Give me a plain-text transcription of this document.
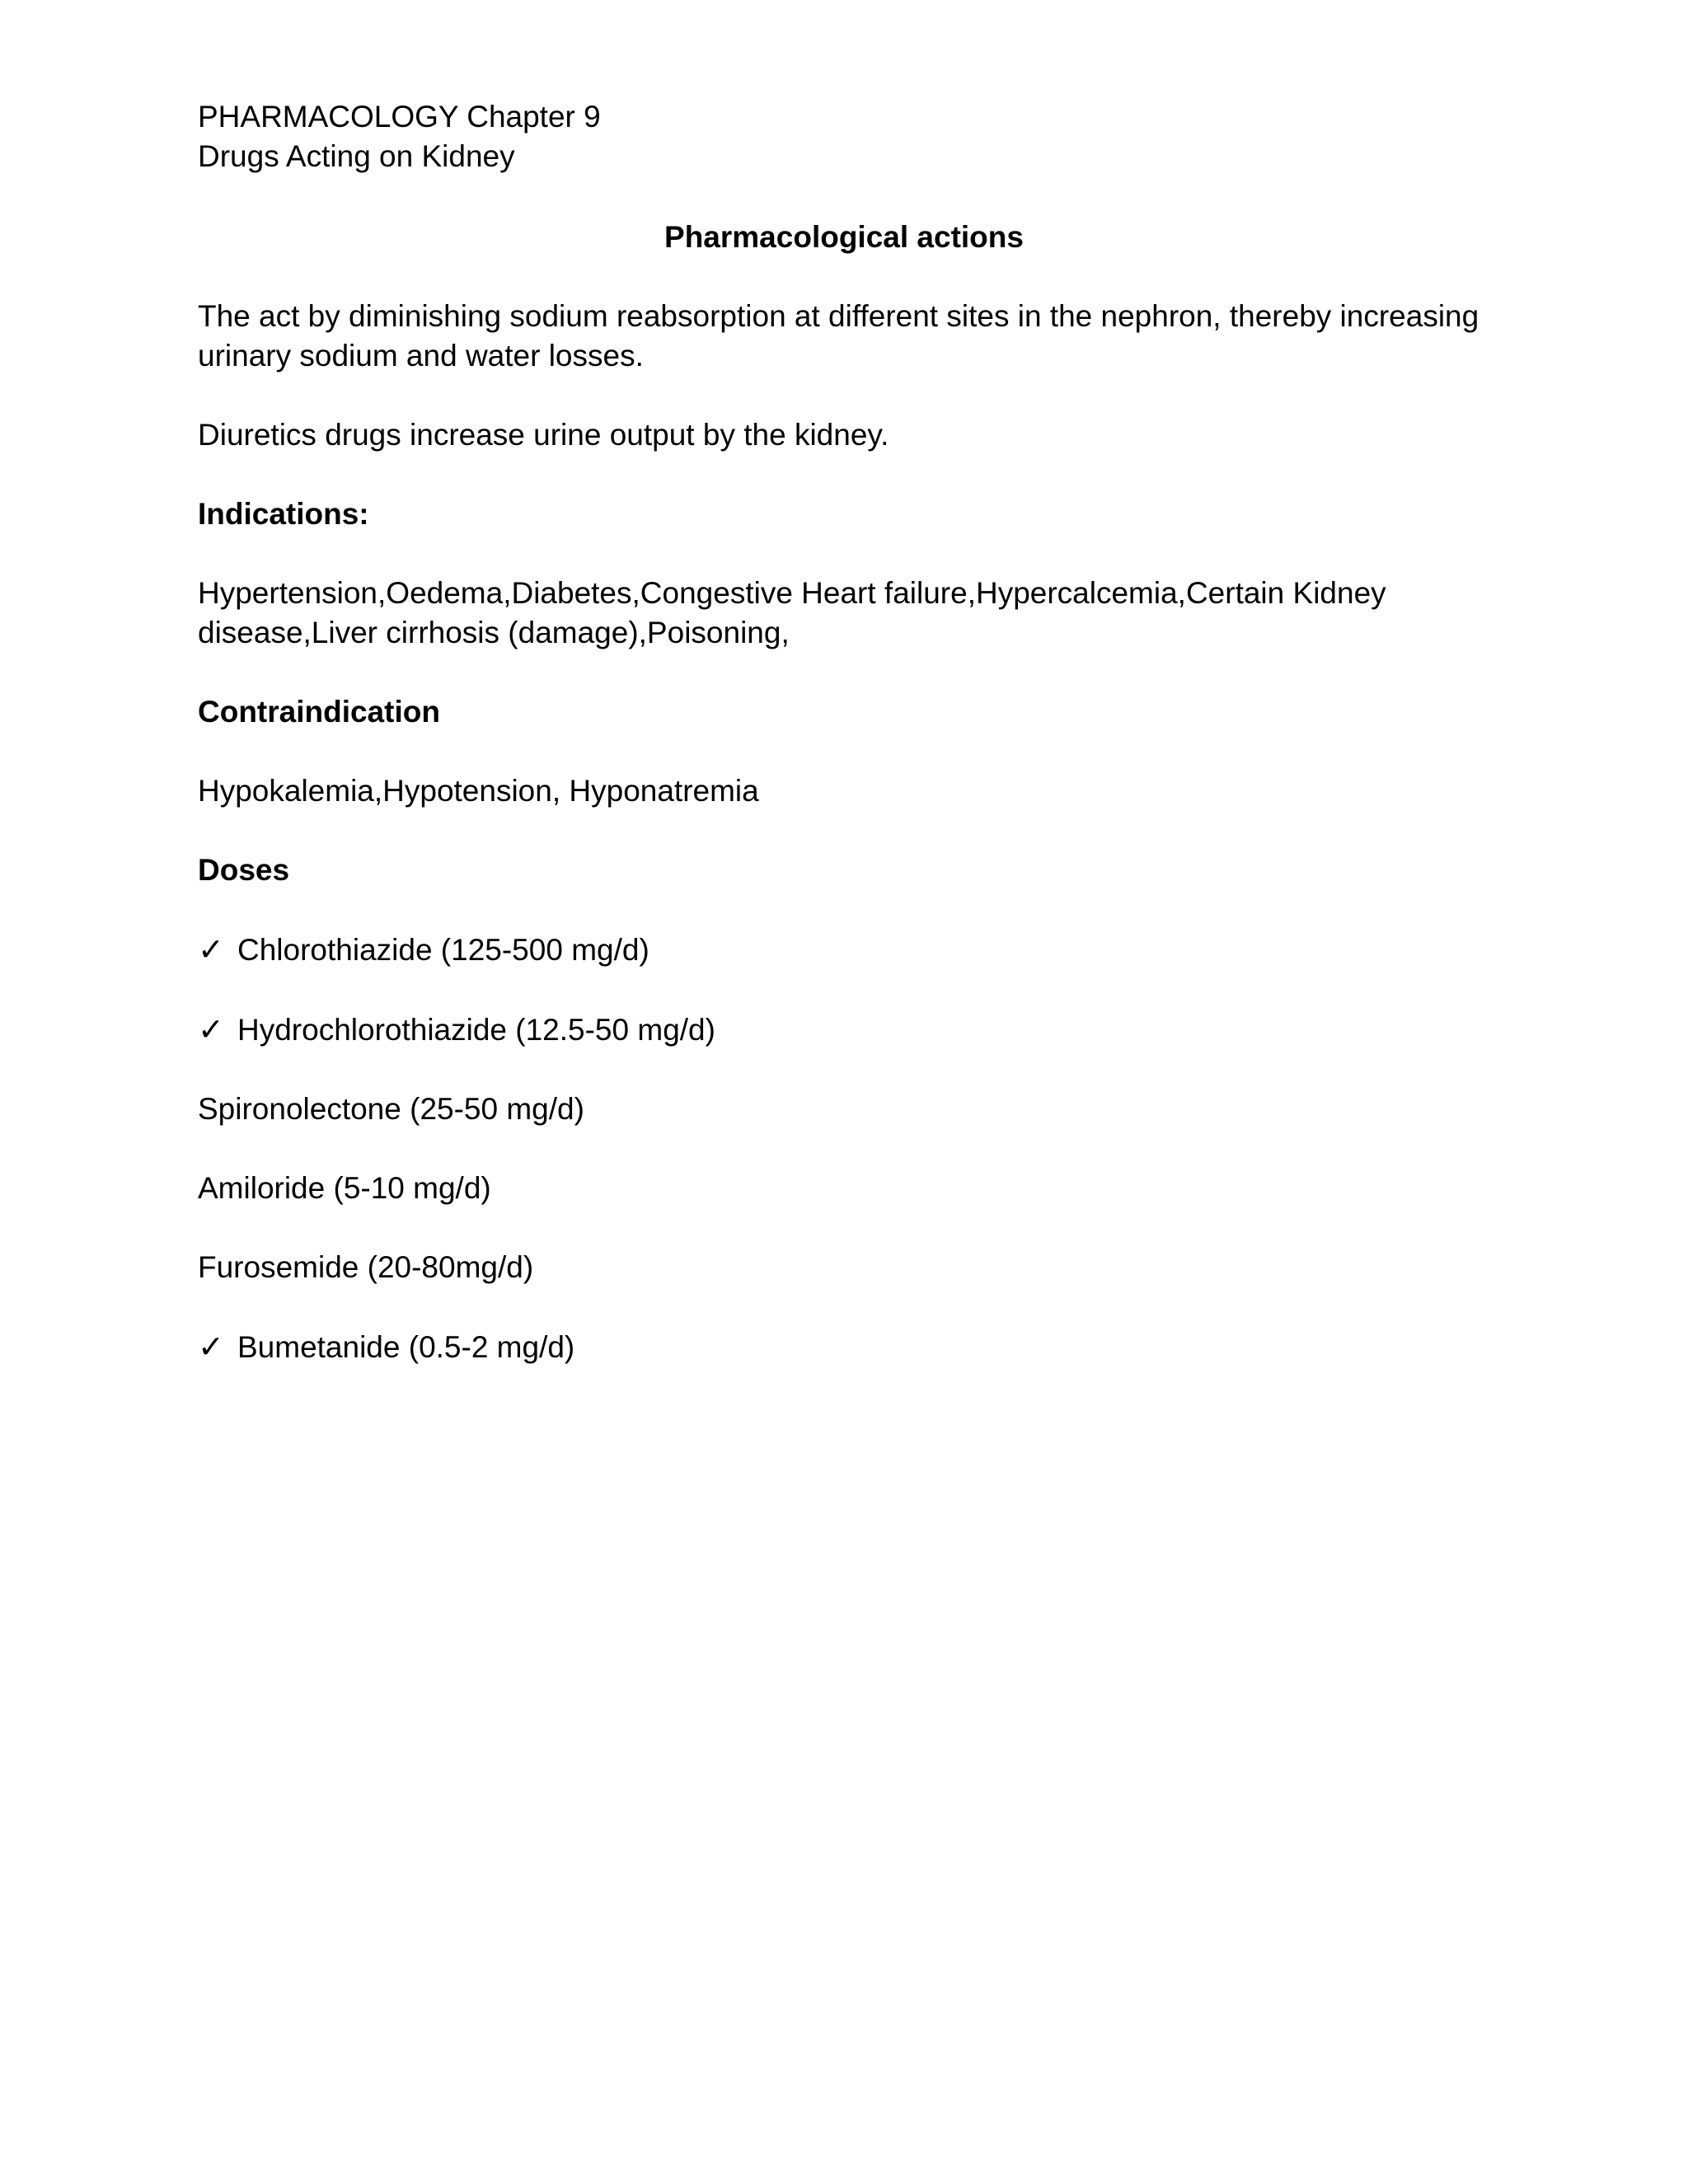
PHARMACOLOGY Chapter 9
Drugs Acting on Kidney
Pharmacological actions
The act by diminishing sodium reabsorption at different sites in the nephron, thereby increasing urinary sodium and water losses.
Diuretics drugs increase urine output by the kidney.
Indications:
Hypertension,Oedema,Diabetes,Congestive Heart failure,Hypercalcemia,Certain Kidney disease,Liver cirrhosis (damage),Poisoning,
Contraindication
Hypokalemia,Hypotension, Hyponatremia
Doses
✓ Chlorothiazide (125-500 mg/d)
✓ Hydrochlorothiazide (12.5-50 mg/d)
Spironolectone (25-50 mg/d)
Amiloride (5-10 mg/d)
Furosemide (20-80mg/d)
✓ Bumetanide (0.5-2 mg/d)
